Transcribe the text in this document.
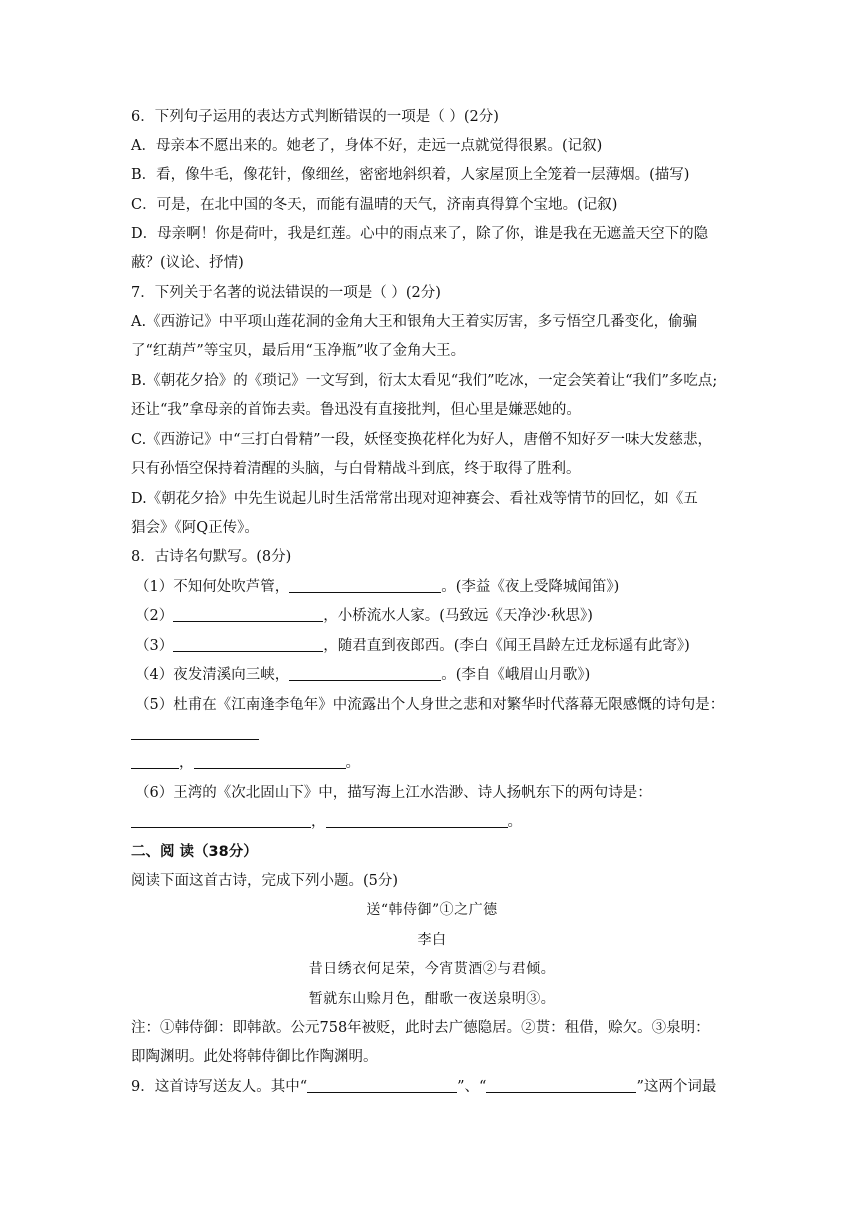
6．下列句子运用的表达方式判断错误的一项是（ ）(2分)
A．母亲本不愿出来的。她老了，身体不好，走远一点就觉得很累。(记叙)
B．看，像牛毛，像花针，像细丝，密密地斜织着，人家屋顶上全笼着一层薄烟。(描写)
C．可是，在北中国的冬天，而能有温晴的天气，济南真得算个宝地。(记叙)
D．母亲啊！你是荷叶，我是红莲。心中的雨点来了，除了你，谁是我在无遮盖天空下的隐
蔽？(议论、抒情)
7．下列关于名著的说法错误的一项是（ ）(2分)
A.《西游记》中平项山莲花洞的金角大王和银角大王着实厉害，多亏悟空几番变化，偷骗
了“红葫芦”等宝贝，最后用“玉净瓶”收了金角大王。
B.《朝花夕拾》的《琐记》一文写到，衍太太看见“我们”吃冰，一定会笑着让“我们”多吃点;
还让“我”拿母亲的首饰去卖。鲁迅没有直接批判，但心里是嫌恶她的。
C.《西游记》中“三打白骨精”一段，妖怪变换花样化为好人，唐僧不知好歹一味大发慈悲，
只有孙悟空保持着清醒的头脑，与白骨精战斗到底，终于取得了胜利。
D.《朝花夕拾》中先生说起儿时生活常常出现对迎神赛会、看社戏等情节的回忆，如《五
猖会》《阿Q正传》。
8．古诗名句默写。(8分)
（1）不知何处吹芦管，	。(李益《夜上受降城闻笛》)
（2）	，小桥流水人家。(马致远《天净沙·秋思》)
（3）	，随君直到夜郎西。(李白《闻王昌龄左迁龙标遥有此寄》)
（4）夜发清溪向三峡，	。(李自《峨眉山月歌》)
（5）杜甫在《江南逢李龟年》中流露出个人身世之悲和对繁华时代落幕无限感慨的诗句是：
，	。
（6）王湾的《次北固山下》中，描写海上江水浩渺、诗人扬帆东下的两句诗是：
，	。
二、阅 读（38分）
阅读下面这首古诗，完成下列小题。(5分)
送“韩侍御”①之广德
李白
昔日绣衣何足荣，今宵贳酒②与君倾。
暂就东山赊月色，酣歌一夜送泉明③。
注：①韩侍御：即韩歆。公元758年被贬，此时去广德隐居。②贳：租借，赊欠。③泉明：
即陶渊明。此处将韩侍御比作陶渊明。
9．这首诗写送友人。其中“	”、“	”这两个词最
